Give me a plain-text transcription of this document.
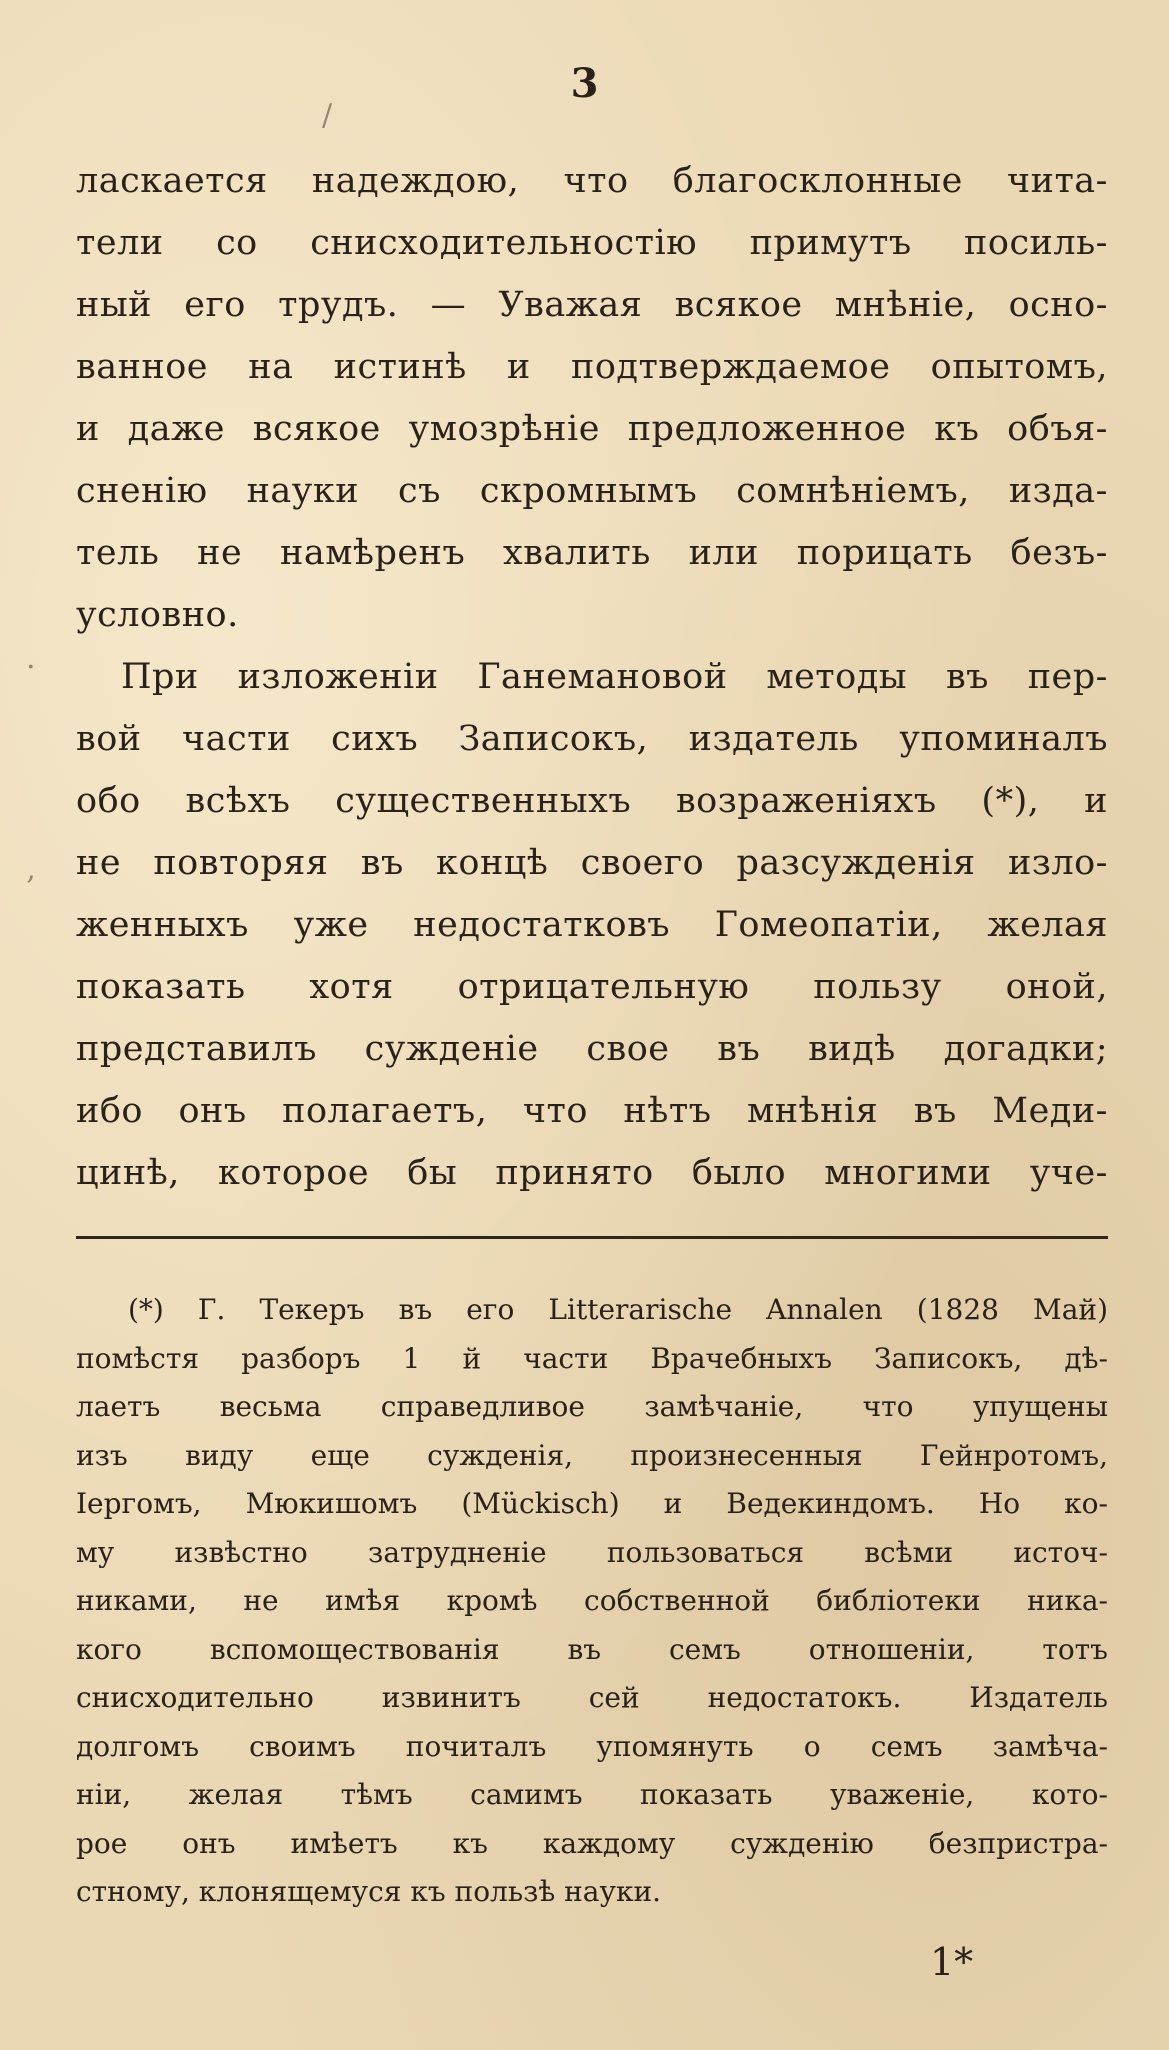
3
/
·
‚
ласкается надеждою, что благосклонные чита-
тели со снисходительностію примутъ посиль-
ный его трудъ. — Уважая всякое мнѣніе, осно-
ванное на истинѣ и подтверждаемое опытомъ,
и даже всякое умозрѣніе предложенное къ объя-
сненію науки съ скромнымъ сомнѣніемъ, изда-
тель не намѣренъ хвалить или порицать безъ-
условно.
При изложеніи Ганемановой методы въ пер-
вой части сихъ Записокъ, издатель упоминалъ
обо всѣхъ существенныхъ возраженіяхъ (*), и
не повторяя въ концѣ своего разсужденія изло-
женныхъ уже недостатковъ Гомеопатіи, желая
показать хотя отрицательную пользу оной,
представилъ сужденіе свое въ видѣ догадки;
ибо онъ полагаетъ, что нѣтъ мнѣнія въ Меди-
цинѣ, которое бы принято было многими уче-
(*) Г. Текеръ въ его Litterarische Annalen (1828 Май)
помѣстя разборъ 1 й части Врачебныхъ Записокъ, дѣ-
лаетъ весьма справедливое замѣчаніе, что упущены
изъ виду еще сужденія, произнесенныя Гейнротомъ,
Іергомъ, Мюкишомъ (Mückisch) и Ведекиндомъ. Но ко-
му извѣстно затрудненіе пользоваться всѣми источ-
никами, не имѣя кромѣ собственной библіотеки ника-
кого вспомоществованія въ семъ отношеніи, тотъ
снисходительно извинитъ сей недостатокъ. Издатель
долгомъ своимъ почиталъ упомянуть о семъ замѣча-
ніи, желая тѣмъ самимъ показать уваженіе, кото-
рое онъ имѣетъ къ каждому сужденію безпристра-
стному, клонящемуся къ пользѣ науки.
1*
